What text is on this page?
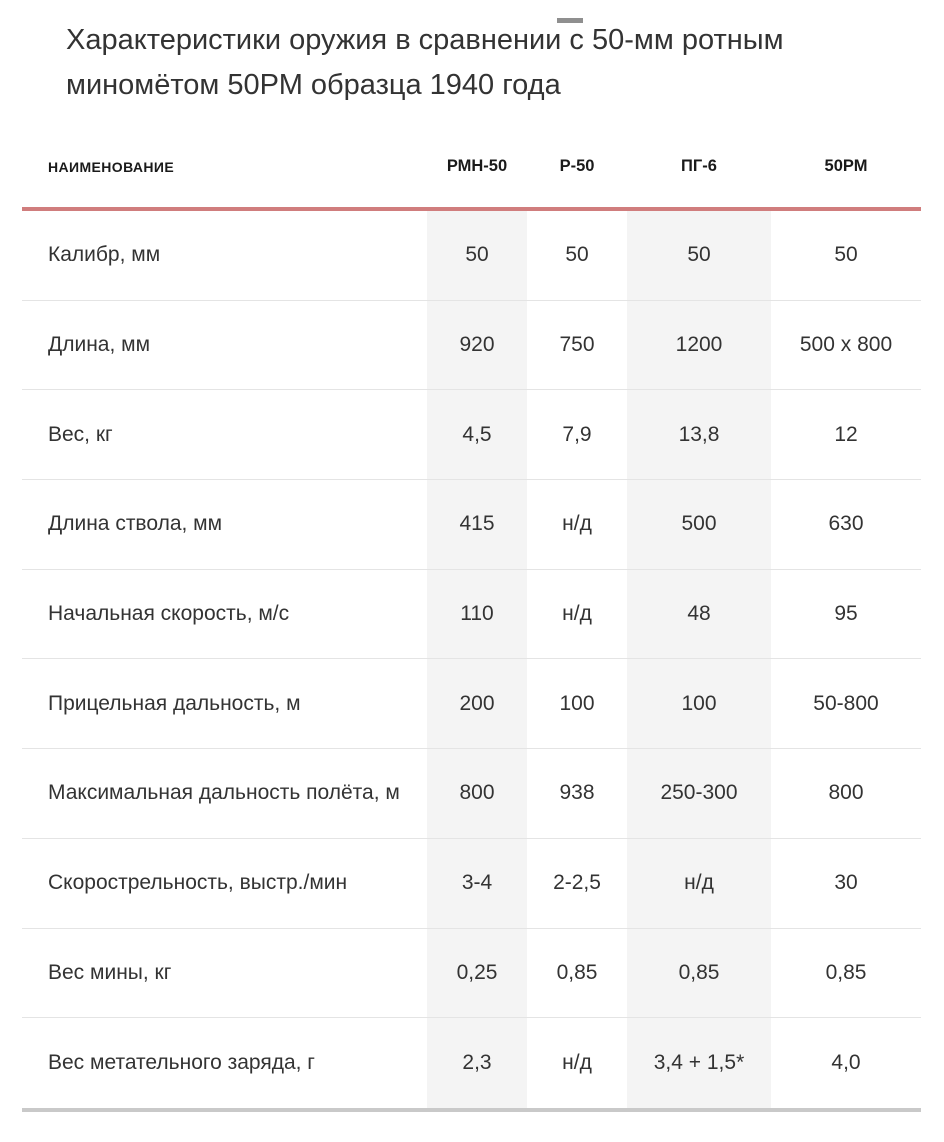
Характеристики оружия в сравнении с 50-мм ротным
миномётом 50РМ образца 1940 года
НАИМЕНОВАНИЕ	РМН-50	Р-50	ПГ-6	50РМ
Калибр, мм	50	50	50	50
Длина, мм	920	750	1200	500 x 800
Вес, кг	4,5	7,9	13,8	12
Длина ствола, мм	415	н/д	500	630
Начальная скорость, м/с	110	н/д	48	95
Прицельная дальность, м	200	100	100	50-800
Максимальная дальность полёта, м	800	938	250-300	800
Скорострельность, выстр./мин	3-4	2-2,5	н/д	30
Вес мины, кг	0,25	0,85	0,85	0,85
Вес метательного заряда, г	2,3	н/д	3,4 + 1,5*	4,0
